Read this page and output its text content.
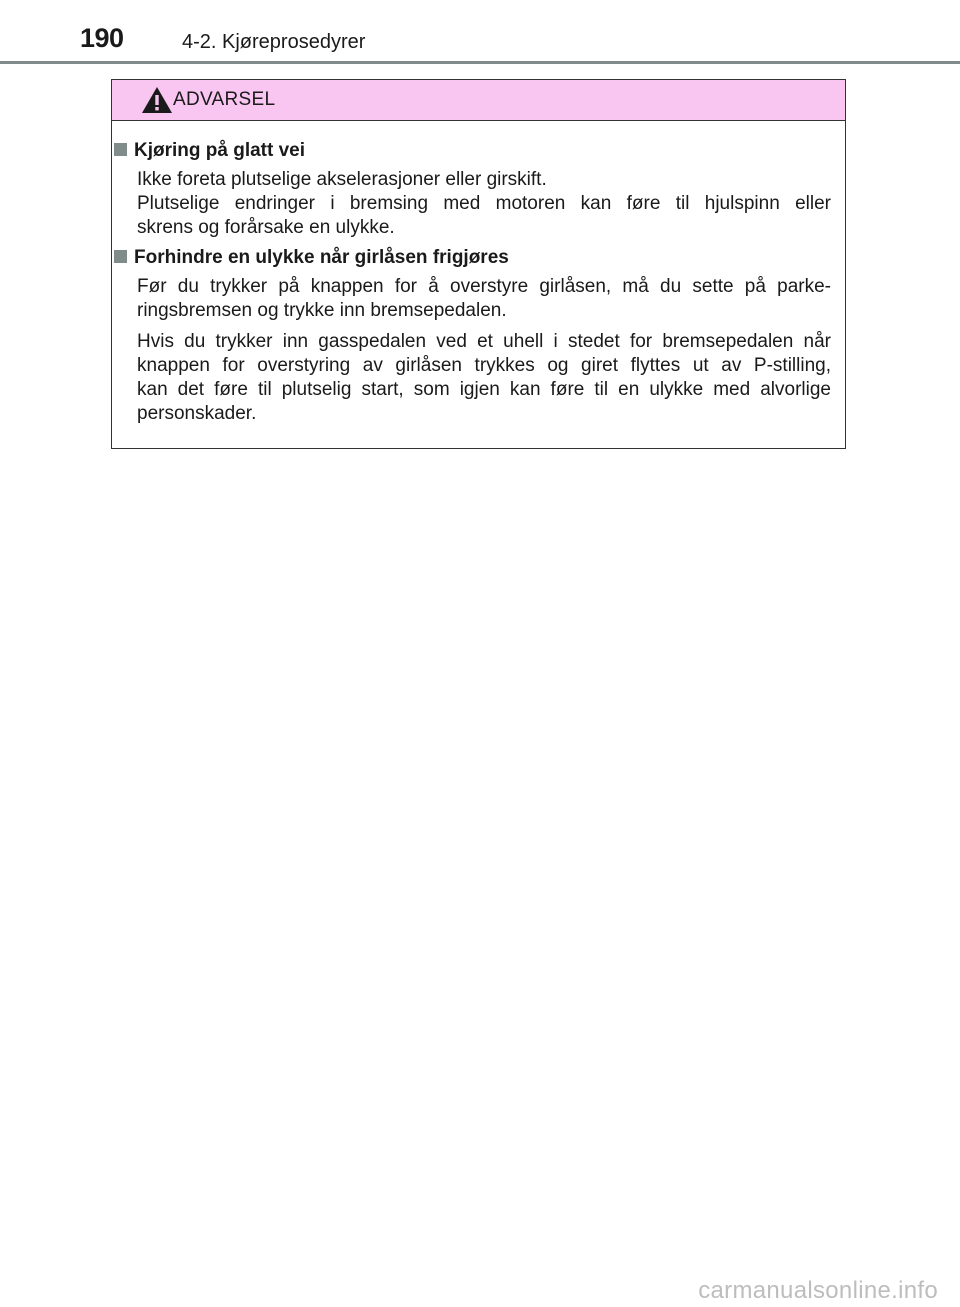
190	4-2. Kjøreprosedyrer
ADVARSEL
Kjøring på glatt vei
Ikke foreta plutselige akselerasjoner eller girskift.
Plutselige endringer i bremsing med motoren kan føre til hjulspinn eller
skrens og forårsake en ulykke.
Forhindre en ulykke når girlåsen frigjøres
Før du trykker på knappen for å overstyre girlåsen, må du sette på parke-
ringsbremsen og trykke inn bremsepedalen.
Hvis du trykker inn gasspedalen ved et uhell i stedet for bremsepedalen når
knappen for overstyring av girlåsen trykkes og giret flyttes ut av P-stilling,
kan det føre til plutselig start, som igjen kan føre til en ulykke med alvorlige
personskader.
carmanualsonline.info
